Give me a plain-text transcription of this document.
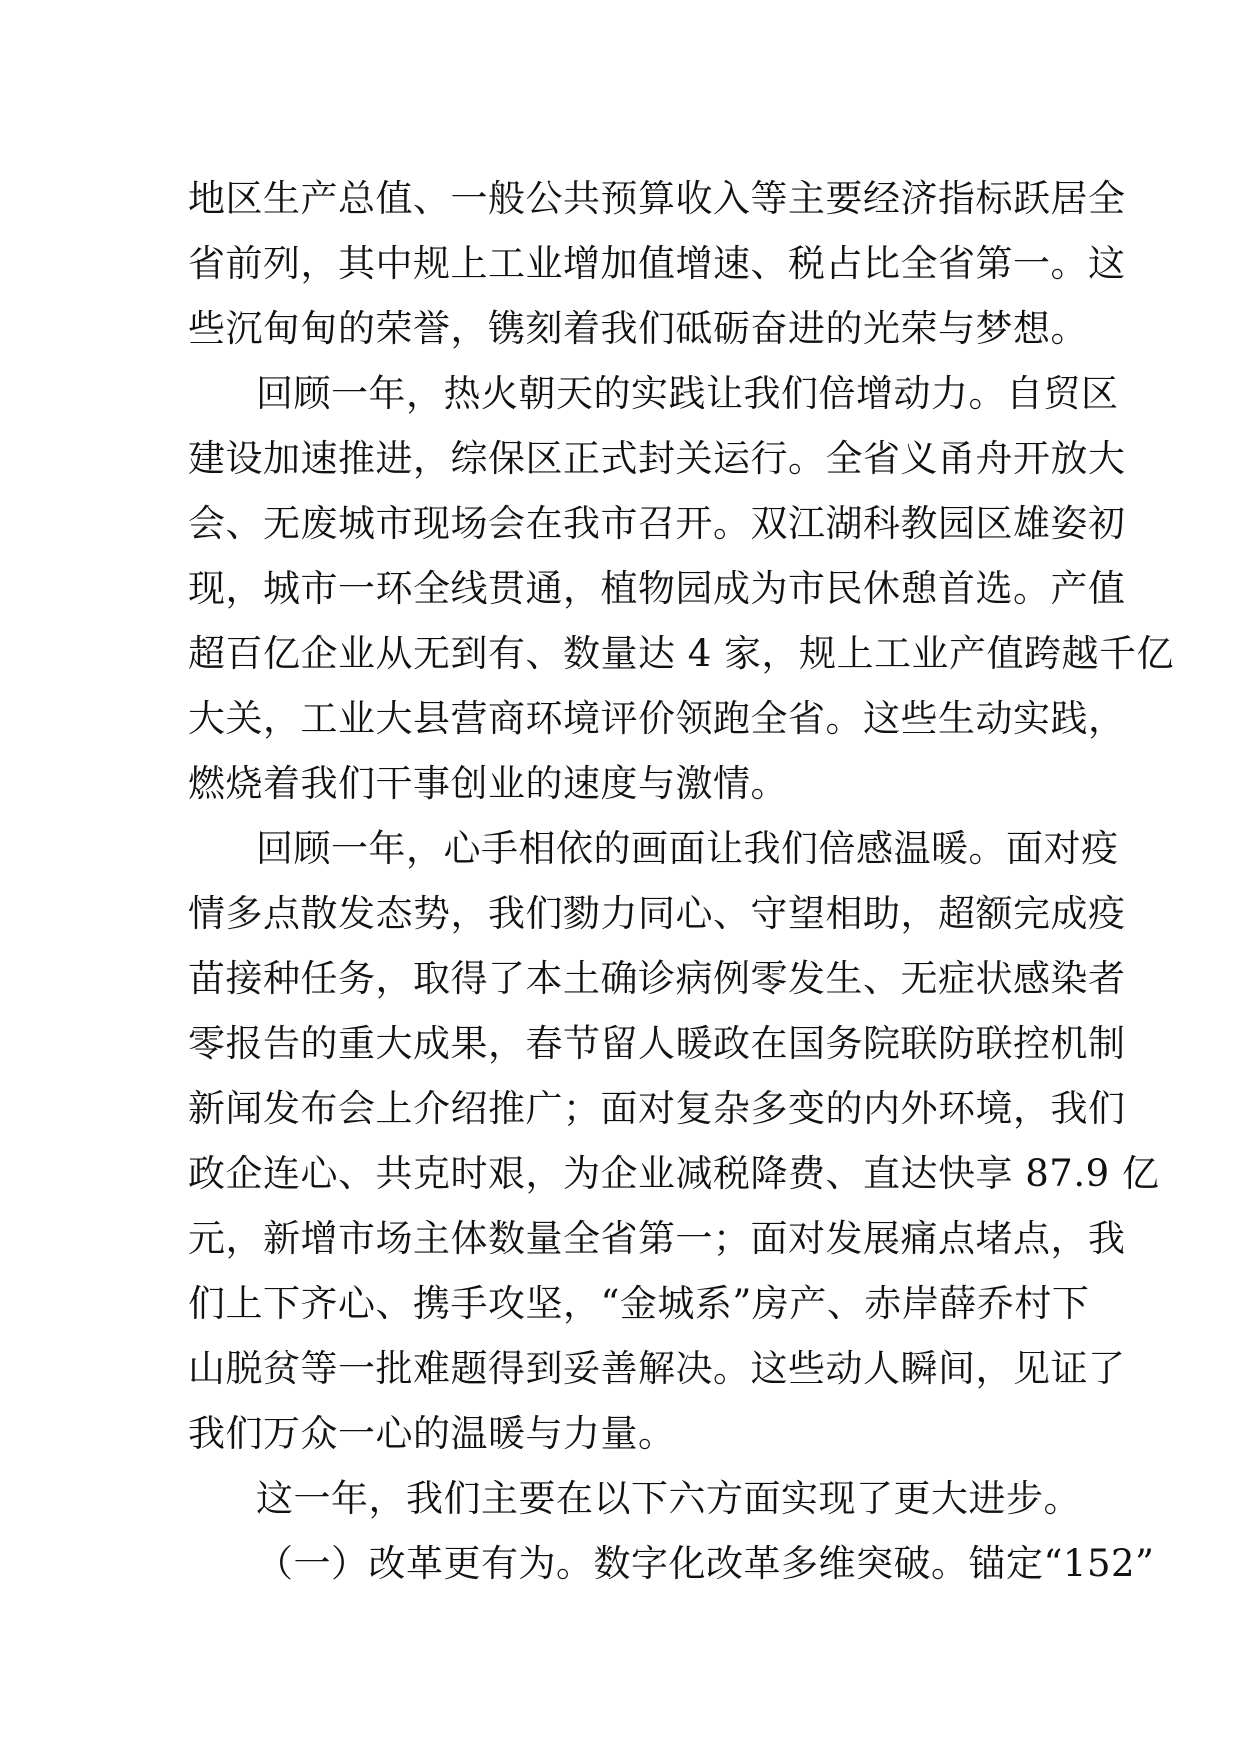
地区生产总值、一般公共预算收入等主要经济指标跃居全

省前列，其中规上工业增加值增速、税占比全省第一。这

些沉甸甸的荣誉，镌刻着我们砥砺奋进的光荣与梦想。

回顾一年，热火朝天的实践让我们倍增动力。自贸区

建设加速推进，综保区正式封关运行。全省义甬舟开放大

会、无废城市现场会在我市召开。双江湖科教园区雄姿初

现，城市一环全线贯通，植物园成为市民休憩首选。产值

超百亿企业从无到有、数量达 4 家，规上工业产值跨越千亿

大关，工业大县营商环境评价领跑全省。这些生动实践，

燃烧着我们干事创业的速度与激情。

回顾一年，心手相依的画面让我们倍感温暖。面对疫

情多点散发态势，我们勠力同心、守望相助，超额完成疫

苗接种任务，取得了本土确诊病例零发生、无症状感染者

零报告的重大成果，春节留人暖政在国务院联防联控机制

新闻发布会上介绍推广；面对复杂多变的内外环境，我们

政企连心、共克时艰，为企业减税降费、直达快享 87.9 亿

元，新增市场主体数量全省第一；面对发展痛点堵点，我

们上下齐心、携手攻坚，“金城系”房产、赤岸薛乔村下

山脱贫等一批难题得到妥善解决。这些动人瞬间，见证了

我们万众一心的温暖与力量。

这一年，我们主要在以下六方面实现了更大进步。

（一）改革更有为。数字化改革多维突破。锚定“152”
